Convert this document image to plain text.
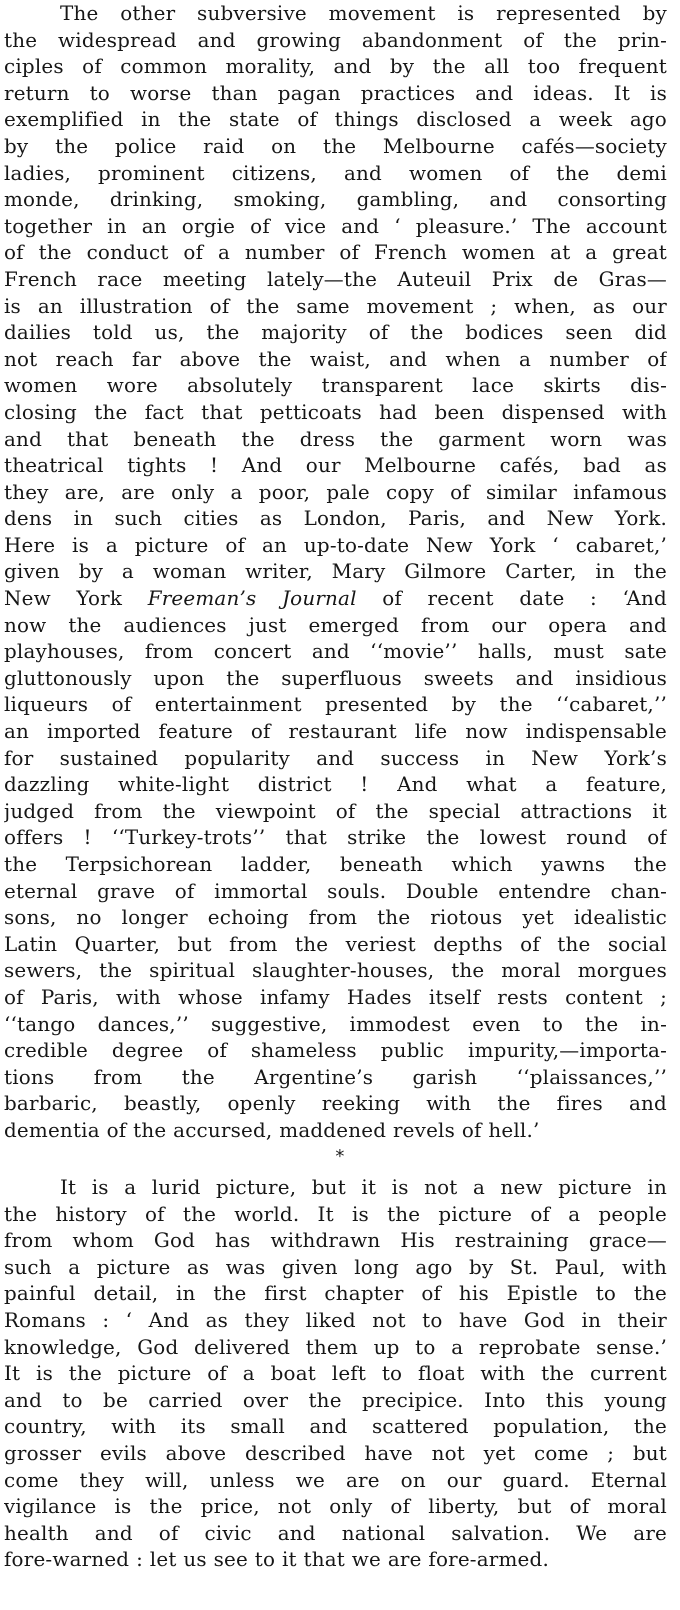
The other subversive movement is represented by
the widespread and growing abandonment of the prin-
ciples of common morality, and by the all too frequent
return to worse than pagan practices and ideas. It is
exemplified in the state of things disclosed a week ago
by the police raid on the Melbourne cafés—society
ladies, prominent citizens, and women of the demi
monde, drinking, smoking, gambling, and consorting
together in an orgie of vice and ‘ pleasure.’ The account
of the conduct of a number of French women at a great
French race meeting lately—the Auteuil Prix de Gras—
is an illustration of the same movement ; when, as our
dailies told us, the majority of the bodices seen did
not reach far above the waist, and when a number of
women wore absolutely transparent lace skirts dis-
closing the fact that petticoats had been dispensed with
and that beneath the dress the garment worn was
theatrical tights ! And our Melbourne cafés, bad as
they are, are only a poor, pale copy of similar infamous
dens in such cities as London, Paris, and New York.
Here is a picture of an up-to-date New York ‘ cabaret,’
given by a woman writer, Mary Gilmore Carter, in the
New York Freeman’s Journal of recent date : ‘And
now the audiences just emerged from our opera and
playhouses, from concert and ‘‘movie’’ halls, must sate
gluttonously upon the superfluous sweets and insidious
liqueurs of entertainment presented by the ‘‘cabaret,’’
an imported feature of restaurant life now indispensable
for sustained popularity and success in New York’s
dazzling white-light district ! And what a feature,
judged from the viewpoint of the special attractions it
offers ! ‘‘Turkey-trots’’ that strike the lowest round of
the Terpsichorean ladder, beneath which yawns the
eternal grave of immortal souls. Double entendre chan-
sons, no longer echoing from the riotous yet idealistic
Latin Quarter, but from the veriest depths of the social
sewers, the spiritual slaughter-houses, the moral morgues
of Paris, with whose infamy Hades itself rests content ;
‘‘tango dances,’’ suggestive, immodest even to the in-
credible degree of shameless public impurity,—importa-
tions from the Argentine’s garish ‘‘plaissances,’’
barbaric, beastly, openly reeking with the fires and
dementia of the accursed, maddened revels of hell.’
*
It is a lurid picture, but it is not a new picture in
the history of the world. It is the picture of a people
from whom God has withdrawn His restraining grace—
such a picture as was given long ago by St. Paul, with
painful detail, in the first chapter of his Epistle to the
Romans : ‘ And as they liked not to have God in their
knowledge, God delivered them up to a reprobate sense.’
It is the picture of a boat left to float with the current
and to be carried over the precipice. Into this young
country, with its small and scattered population, the
grosser evils above described have not yet come ; but
come they will, unless we are on our guard. Eternal
vigilance is the price, not only of liberty, but of moral
health and of civic and national salvation. We are
fore-warned : let us see to it that we are fore-armed.
